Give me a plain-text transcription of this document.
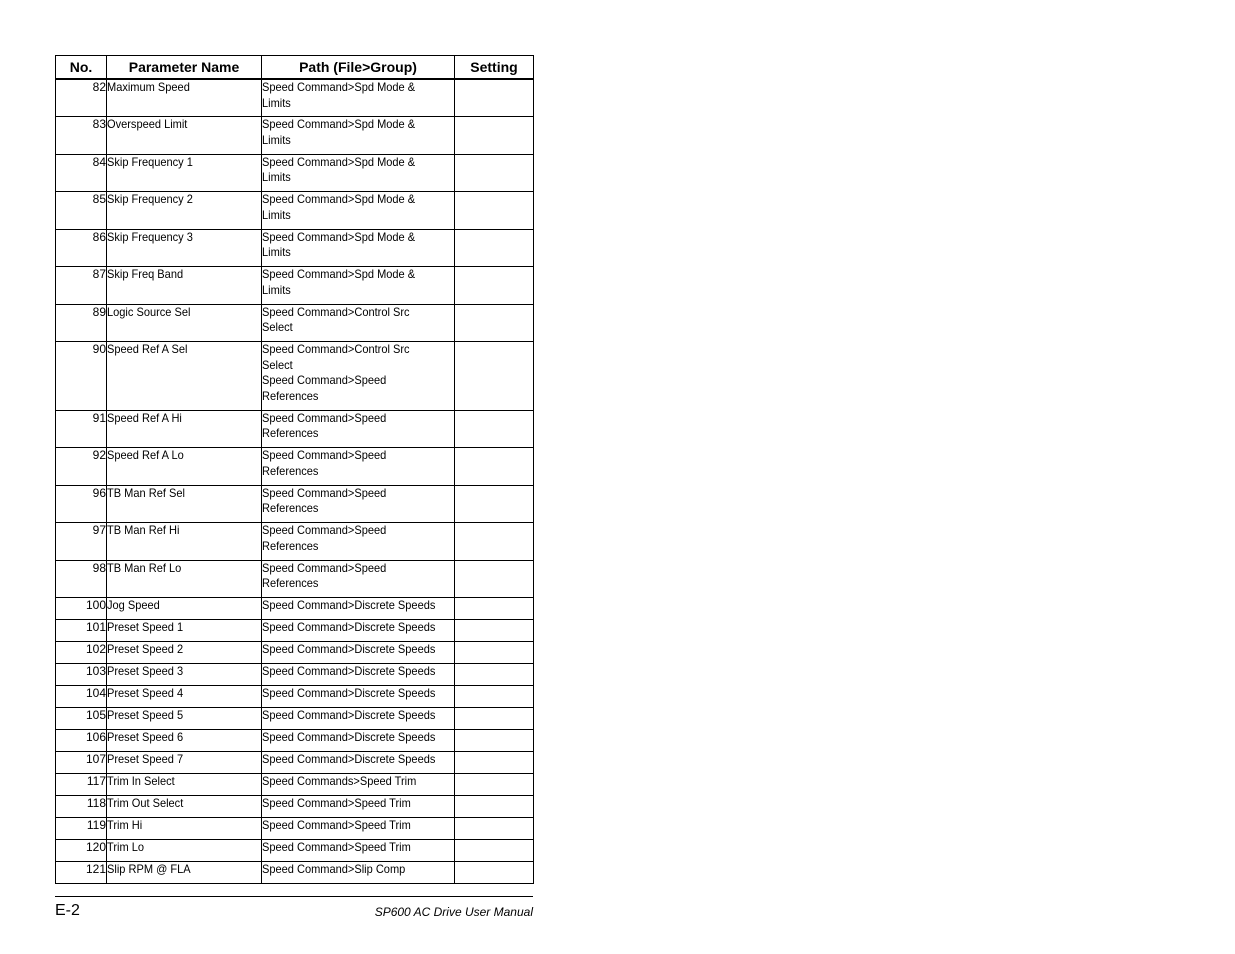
No.	Parameter Name	Path (File>Group)	Setting
82	Maximum Speed	Speed Command>Spd Mode &
Limits	

83	Overspeed Limit	Speed Command>Spd Mode &
Limits	

84	Skip Frequency 1	Speed Command>Spd Mode &
Limits	

85	Skip Frequency 2	Speed Command>Spd Mode &
Limits	

86	Skip Frequency 3	Speed Command>Spd Mode &
Limits	

87	Skip Freq Band	Speed Command>Spd Mode &
Limits	

89	Logic Source Sel	Speed Command>Control Src
Select	

90	Speed Ref A Sel	Speed Command>Control Src
Select
Speed Command>Speed
References	

91	Speed Ref A Hi	Speed Command>Speed
References	

92	Speed Ref A Lo	Speed Command>Speed
References	

96	TB Man Ref Sel	Speed Command>Speed
References	

97	TB Man Ref Hi	Speed Command>Speed
References	

98	TB Man Ref Lo	Speed Command>Speed
References	

100	Jog Speed	Speed Command>Discrete Speeds	

101	Preset Speed 1	Speed Command>Discrete Speeds	

102	Preset Speed 2	Speed Command>Discrete Speeds	

103	Preset Speed 3	Speed Command>Discrete Speeds	

104	Preset Speed 4	Speed Command>Discrete Speeds	

105	Preset Speed 5	Speed Command>Discrete Speeds	

106	Preset Speed 6	Speed Command>Discrete Speeds	

107	Preset Speed 7	Speed Command>Discrete Speeds	

117	Trim In Select	Speed Commands>Speed Trim	

118	Trim Out Select	Speed Command>Speed Trim	

119	Trim Hi	Speed Command>Speed Trim	

120	Trim Lo	Speed Command>Speed Trim	

121	Slip RPM @ FLA	Speed Command>Slip Comp	

E-2	SP600 AC Drive User Manual
